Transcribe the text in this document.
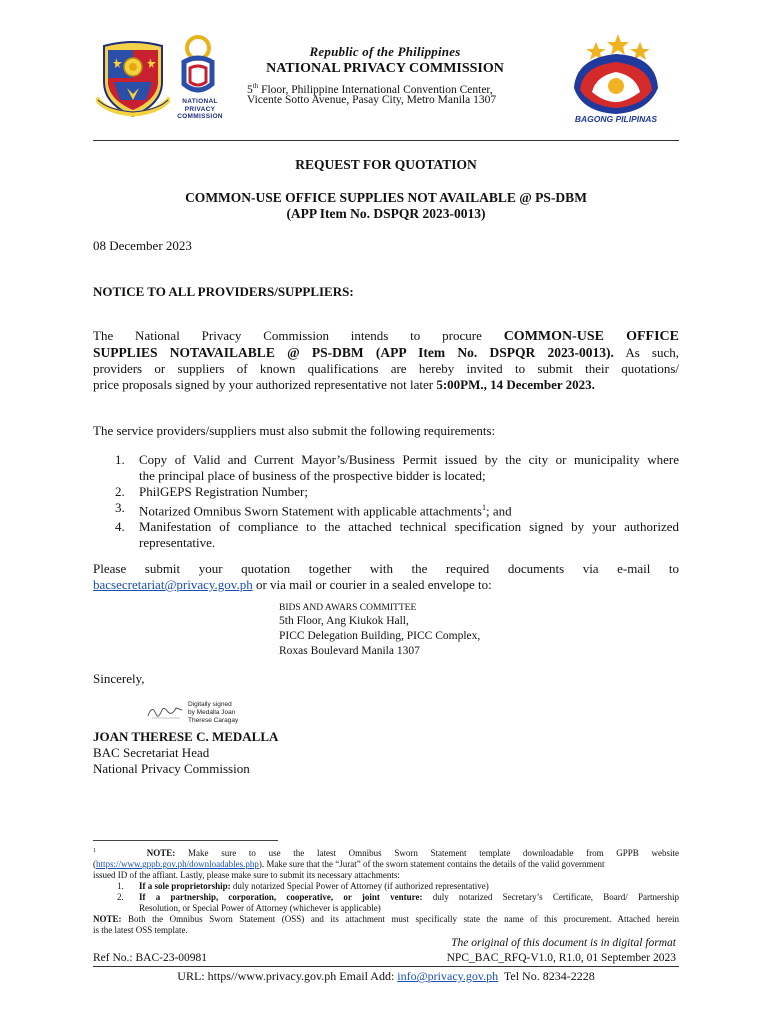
NATIONAL
PRIVACY
COMMISSION
Republic of the Philippines
NATIONAL PRIVACY COMMISSION
5th Floor, Philippine International Convention Center,
Vicente Sotto Avenue, Pasay City, Metro Manila 1307
BAGONG PILIPINAS
REQUEST FOR QUOTATION
COMMON-USE OFFICE SUPPLIES NOT AVAILABLE @ PS-DBM
(APP Item No. DSPQR 2023-0013)
08 December 2023
NOTICE TO ALL PROVIDERS/SUPPLIERS:
The National Privacy Commission intends to procure COMMON-USE OFFICE
SUPPLIES NOTAVAILABLE @ PS-DBM (APP Item No. DSPQR 2023-0013). As such,
providers or suppliers of known qualifications are hereby invited to submit their quotations/
price proposals signed by your authorized representative not later 5:00PM., 14 December 2023.
The service providers/suppliers must also submit the following requirements:
1. Copy of Valid and Current Mayor’s/Business Permit issued by the city or municipality where
the principal place of business of the prospective bidder is located;
2. PhilGEPS Registration Number;
3. Notarized Omnibus Sworn Statement with applicable attachments$^1$; and
4. Manifestation of compliance to the attached technical specification signed by your authorized
representative.
Please submit your quotation together with the required documents via e-mail to
bacsecretariat@privacy.gov.ph or via mail or courier in a sealed envelope to:
BIDS AND AWARS COMMITTEE
5th Floor, Ang Kiukok Hall,
PICC Delegation Building, PICC Complex,
Roxas Boulevard Manila 1307
Sincerely,
Digitally signed
by Medalla Joan
Therese Caragay
JOAN THERESE C. MEDALLA
BAC Secretariat Head
National Privacy Commission
$^1$	NOTE: Make sure to use the latest Omnibus Sworn Statement template downloadable from GPPB website
(https://www.gppb.gov.ph/downloadables.php). Make sure that the “Jurat” of the sworn statement contains the details of the valid government
issued ID of the affiant. Lastly, please make sure to submit its necessary attachments:
1. If a sole proprietorship: duly notarized Special Power of Attorney (if authorized representative)
2. If a partnership, corporation, cooperative, or joint venture: duly notarized Secretary’s Certificate, Board/ Partnership
Resolution, or Special Power of Attorney (whichever is applicable)
NOTE: Both the Omnibus Sworn Statement (OSS) and its attachment must specifically state the name of this procurement. Attached herein
is the latest OSS template.
The original of this document is in digital format
Ref No.: BAC-23-00981	NPC_BAC_RFQ-V1.0, R1.0, 01 September 2023
URL: https//www.privacy.gov.ph Email Add: info@privacy.gov.ph  Tel No. 8234-2228
